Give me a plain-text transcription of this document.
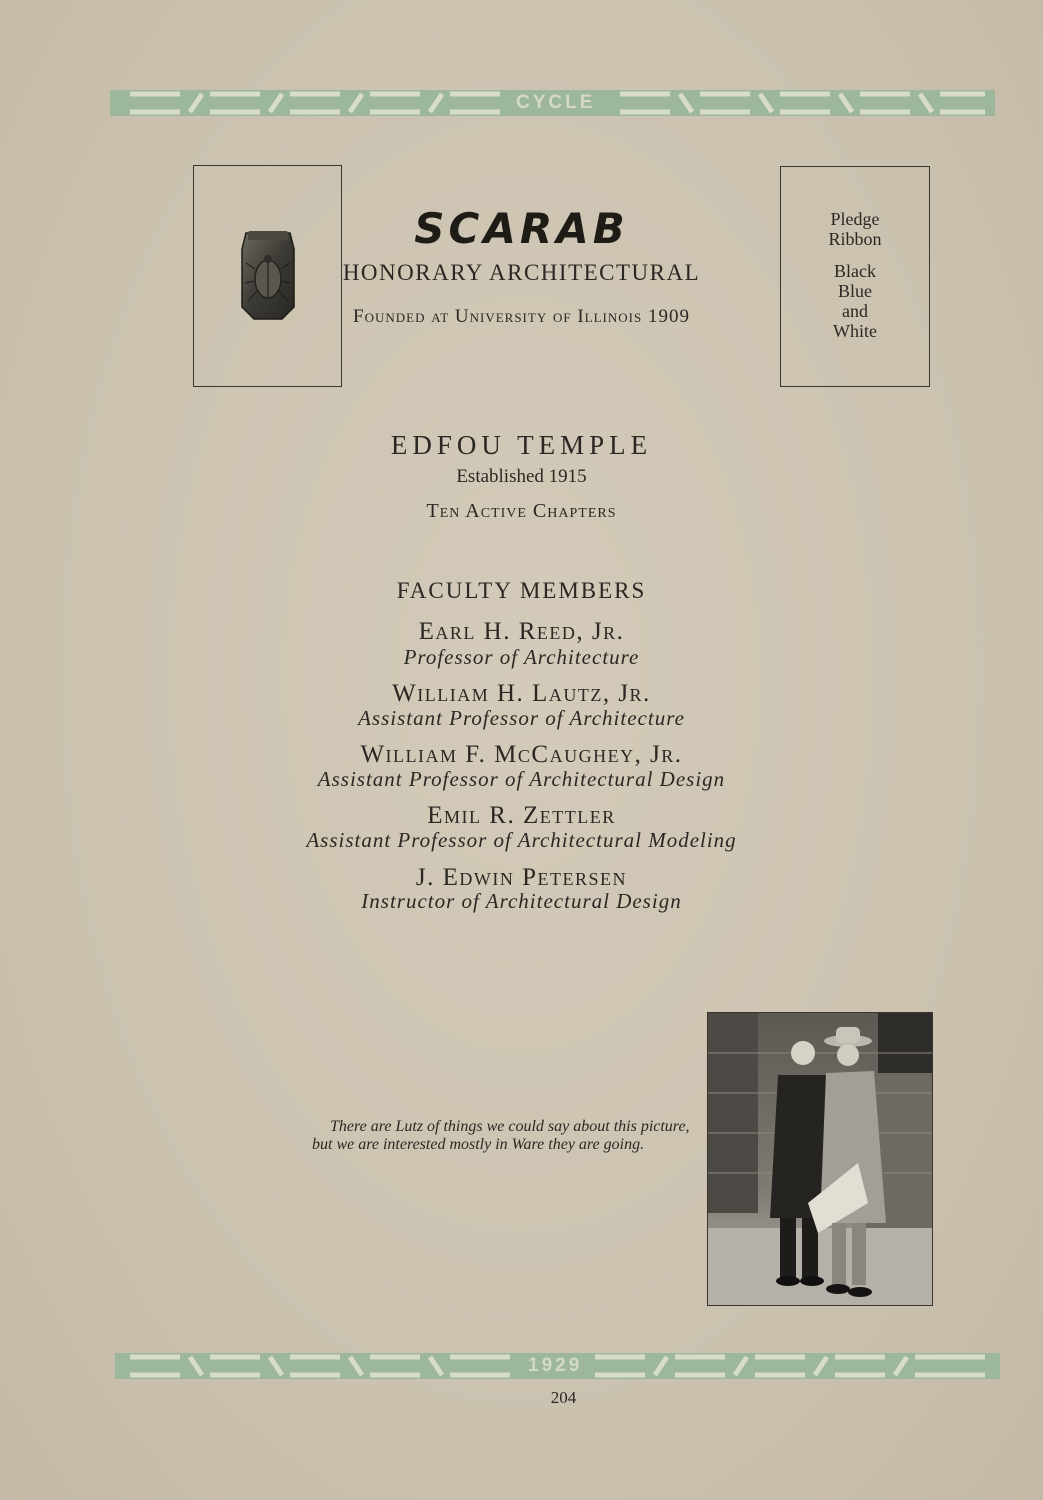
CYCLE
SCARAB
HONORARY ARCHITECTURAL
Founded at University of Illinois 1909
Pledge
Ribbon
Black
Blue
and
White
EDFOU TEMPLE
Established 1915
Ten Active Chapters
FACULTY MEMBERS
Earl H. Reed, Jr.
Professor of Architecture
William H. Lautz, Jr.
Assistant Professor of Architecture
William F. McCaughey, Jr.
Assistant Professor of Architectural Design
Emil R. Zettler
Assistant Professor of Architectural Modeling
J. Edwin Petersen
Instructor of Architectural Design
There are Lutz of things we could say about this picture, but we are interested mostly in Ware they are going.
1929
204
